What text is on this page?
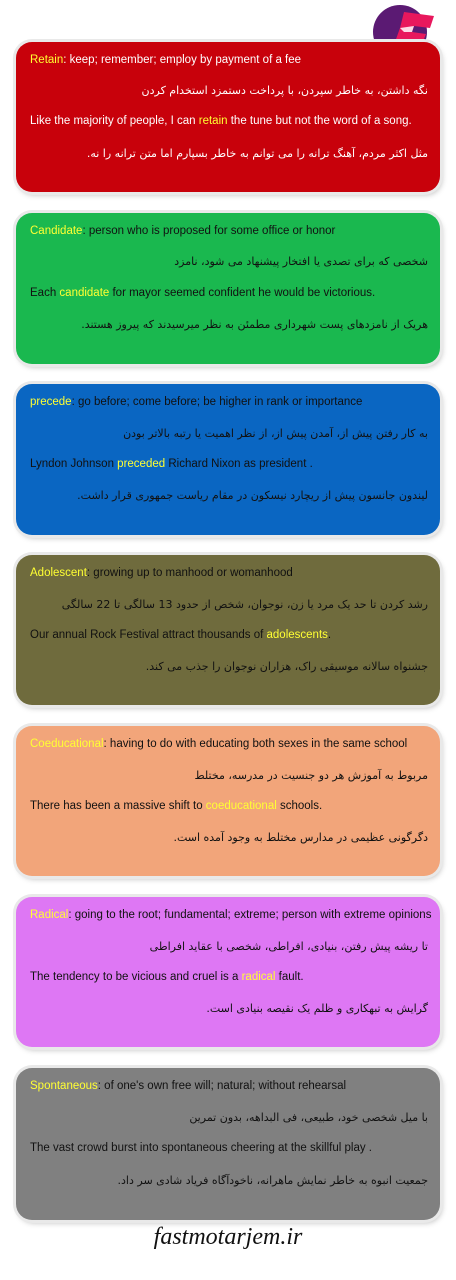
Retain: keep; remember; employ by payment of a fee
نگه داشتن، به خاطر سپردن، با پرداخت دستمزد استخدام کردن
Like the majority of people, I can retain the tune but not the word of a song.
مثل اکثر مردم، آهنگ ترانه را می توانم به خاطر بسپارم اما متن ترانه را نه.
Candidate: person who is proposed for some office or honor
شخصی که برای تصدی یا افتخار پیشنهاد می شود، نامزد
Each candidate for mayor seemed confident he would be victorious.
هریک از نامزدهای پست شهرداری مطمئن به نظر میرسیدند که پیروز هستند.
precede: go before; come before; be higher in rank or importance
به کار رفتن پیش از، آمدن پیش از، از نظر اهمیت یا رتبه بالاتر بودن
Lyndon Johnson preceded Richard Nixon as president .
لیندون جانسون پیش از ریچارد نیسکون در مقام ریاست جمهوری قرار داشت.
Adolescent: growing up to manhood or womanhood
رشد کردن تا حد یک مرد یا زن، نوجوان، شخص از حدود 13 سالگی تا 22 سالگی
Our annual Rock Festival attract thousands of adolescents.
جشنواه سالانه موسیقی راک، هزاران نوجوان را جذب می کند.
Coeducational: having to do with educating both sexes in the same school
مربوط به آموزش هر دو جنسیت در مدرسه، مختلط
There has been a massive shift to coeducational schools.
دگرگونی عظیمی در مدارس مختلط به وجود آمده است.
Radical: going to the root; fundamental; extreme; person with extreme opinions
تا ریشه پیش رفتن، بنیادی، افراطی، شخصی با عقاید افراطی
The tendency to be vicious and cruel is a radical fault.
گرایش به تبهکاری و ظلم یک نقیصه بنیادی است.
Spontaneous: of one's own free will; natural; without rehearsal
با میل شخصی خود، طبیعی، فی البداهه، بدون تمرین
The vast crowd burst into spontaneous cheering at the skillful play .
جمعیت انبوه به خاطر نمایش ماهرانه، ناخودآگاه فریاد شادی سر داد.
fastmotarjem.ir
